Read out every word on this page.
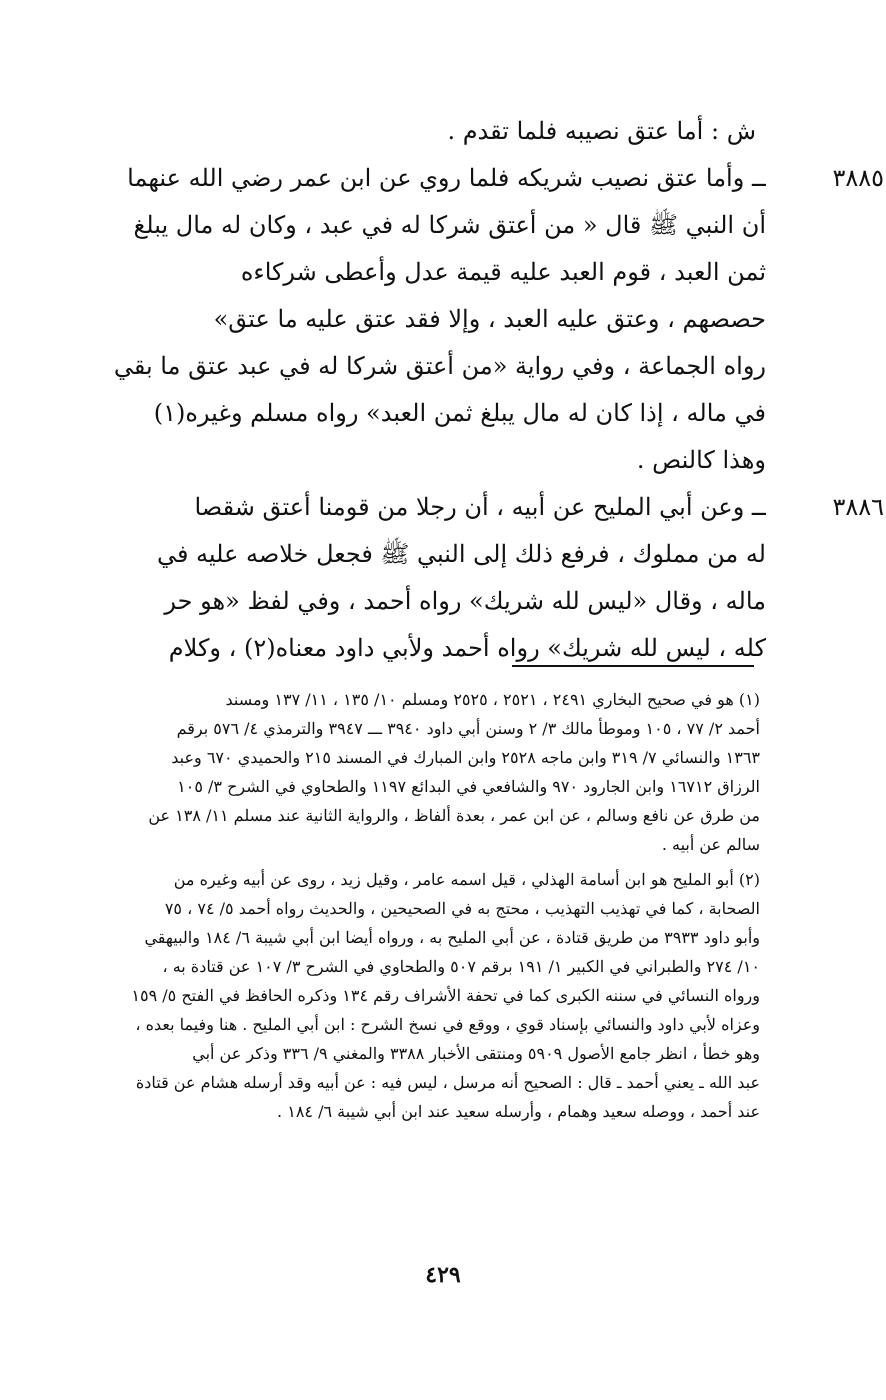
ش : أما عتق نصيبه فلما تقدم .

٣٨٨٥
ــ وأما عتق نصيب شريكه فلما روي عن ابن عمر رضي الله عنهما
أن النبي ﷺ قال « من أعتق شركا له في عبد ، وكان له مال يبلغ
ثمن العبد ، قوم العبد عليه قيمة عدل وأعطى شركاءه
حصصهم ، وعتق عليه العبد ، وإلا فقد عتق عليه ما عتق»
رواه الجماعة ، وفي رواية «من أعتق شركا له في عبد عتق ما بقي
في ماله ، إذا كان له مال يبلغ ثمن العبد» رواه مسلم وغيره(١)
وهذا كالنص .
٣٨٨٦
ــ وعن أبي المليح عن أبيه ، أن رجلا من قومنا أعتق شقصا
له من مملوك ، فرفع ذلك إلى النبي ﷺ فجعل خلاصه عليه في
ماله ، وقال «ليس لله شريك» رواه أحمد ، وفي لفظ «هو حر
كله ، ليس لله شريك» رواه أحمد ولأبي داود معناه(٢) ، وكلام
(١) هو في صحيح البخاري ٢٤٩١ ، ٢٥٢١ ، ٢٥٢٥ ومسلم ١٠/ ١٣٥ ، ١١/ ١٣٧ ومسند
أحمد ٢/ ٧٧ ، ١٠٥ وموطأ مالك ٣/ ٢ وسنن أبي داود ٣٩٤٠ ـــ ٣٩٤٧ والترمذي ٤/ ٥٧٦ برقم
١٣٦٣ والنسائي ٧/ ٣١٩ وابن ماجه ٢٥٢٨ وابن المبارك في المسند ٢١٥ والحميدي ٦٧٠ وعبد
الرزاق ١٦٧١٢ وابن الجارود ٩٧٠ والشافعي في البدائع ١١٩٧ والطحاوي في الشرح ٣/ ١٠٥
من طرق عن نافع وسالم ، عن ابن عمر ، بعدة ألفاظ ، والرواية الثانية عند مسلم ١١/ ١٣٨ عن
سالم عن أبيه .
(٢) أبو المليح هو ابن أسامة الهذلي ، قيل اسمه عامر ، وقيل زيد ، روى عن أبيه وغيره من
الصحابة ، كما في تهذيب التهذيب ، محتج به في الصحيحين ، والحديث رواه أحمد ٥/ ٧٤ ، ٧٥
وأبو داود ٣٩٣٣ من طريق قتادة ، عن أبي المليح به ، ورواه أيضا ابن أبي شيبة ٦/ ١٨٤ والبيهقي
١٠/ ٢٧٤ والطبراني في الكبير ١/ ١٩١ برقم ٥٠٧ والطحاوي في الشرح ٣/ ١٠٧ عن قتادة به ،
ورواه النسائي في سننه الكبرى كما في تحفة الأشراف رقم ١٣٤ وذكره الحافظ في الفتح ٥/ ١٥٩
وعزاه لأبي داود والنسائي بإسناد قوي ، ووقع في نسخ الشرح : ابن أبي المليح . هنا وفيما بعده ،
وهو خطأ ، انظر جامع الأصول ٥٩٠٩ ومنتقى الأخبار ٣٣٨٨ والمغني ٩/ ٣٣٦ وذكر عن أبي
عبد الله ـ يعني أحمد ـ قال : الصحيح أنه مرسل ، ليس فيه : عن أبيه وقد أرسله هشام عن قتادة
عند أحمد ، ووصله سعيد وهمام ، وأرسله سعيد عند ابن أبي شيبة ٦/ ١٨٤ .
٤٢٩
